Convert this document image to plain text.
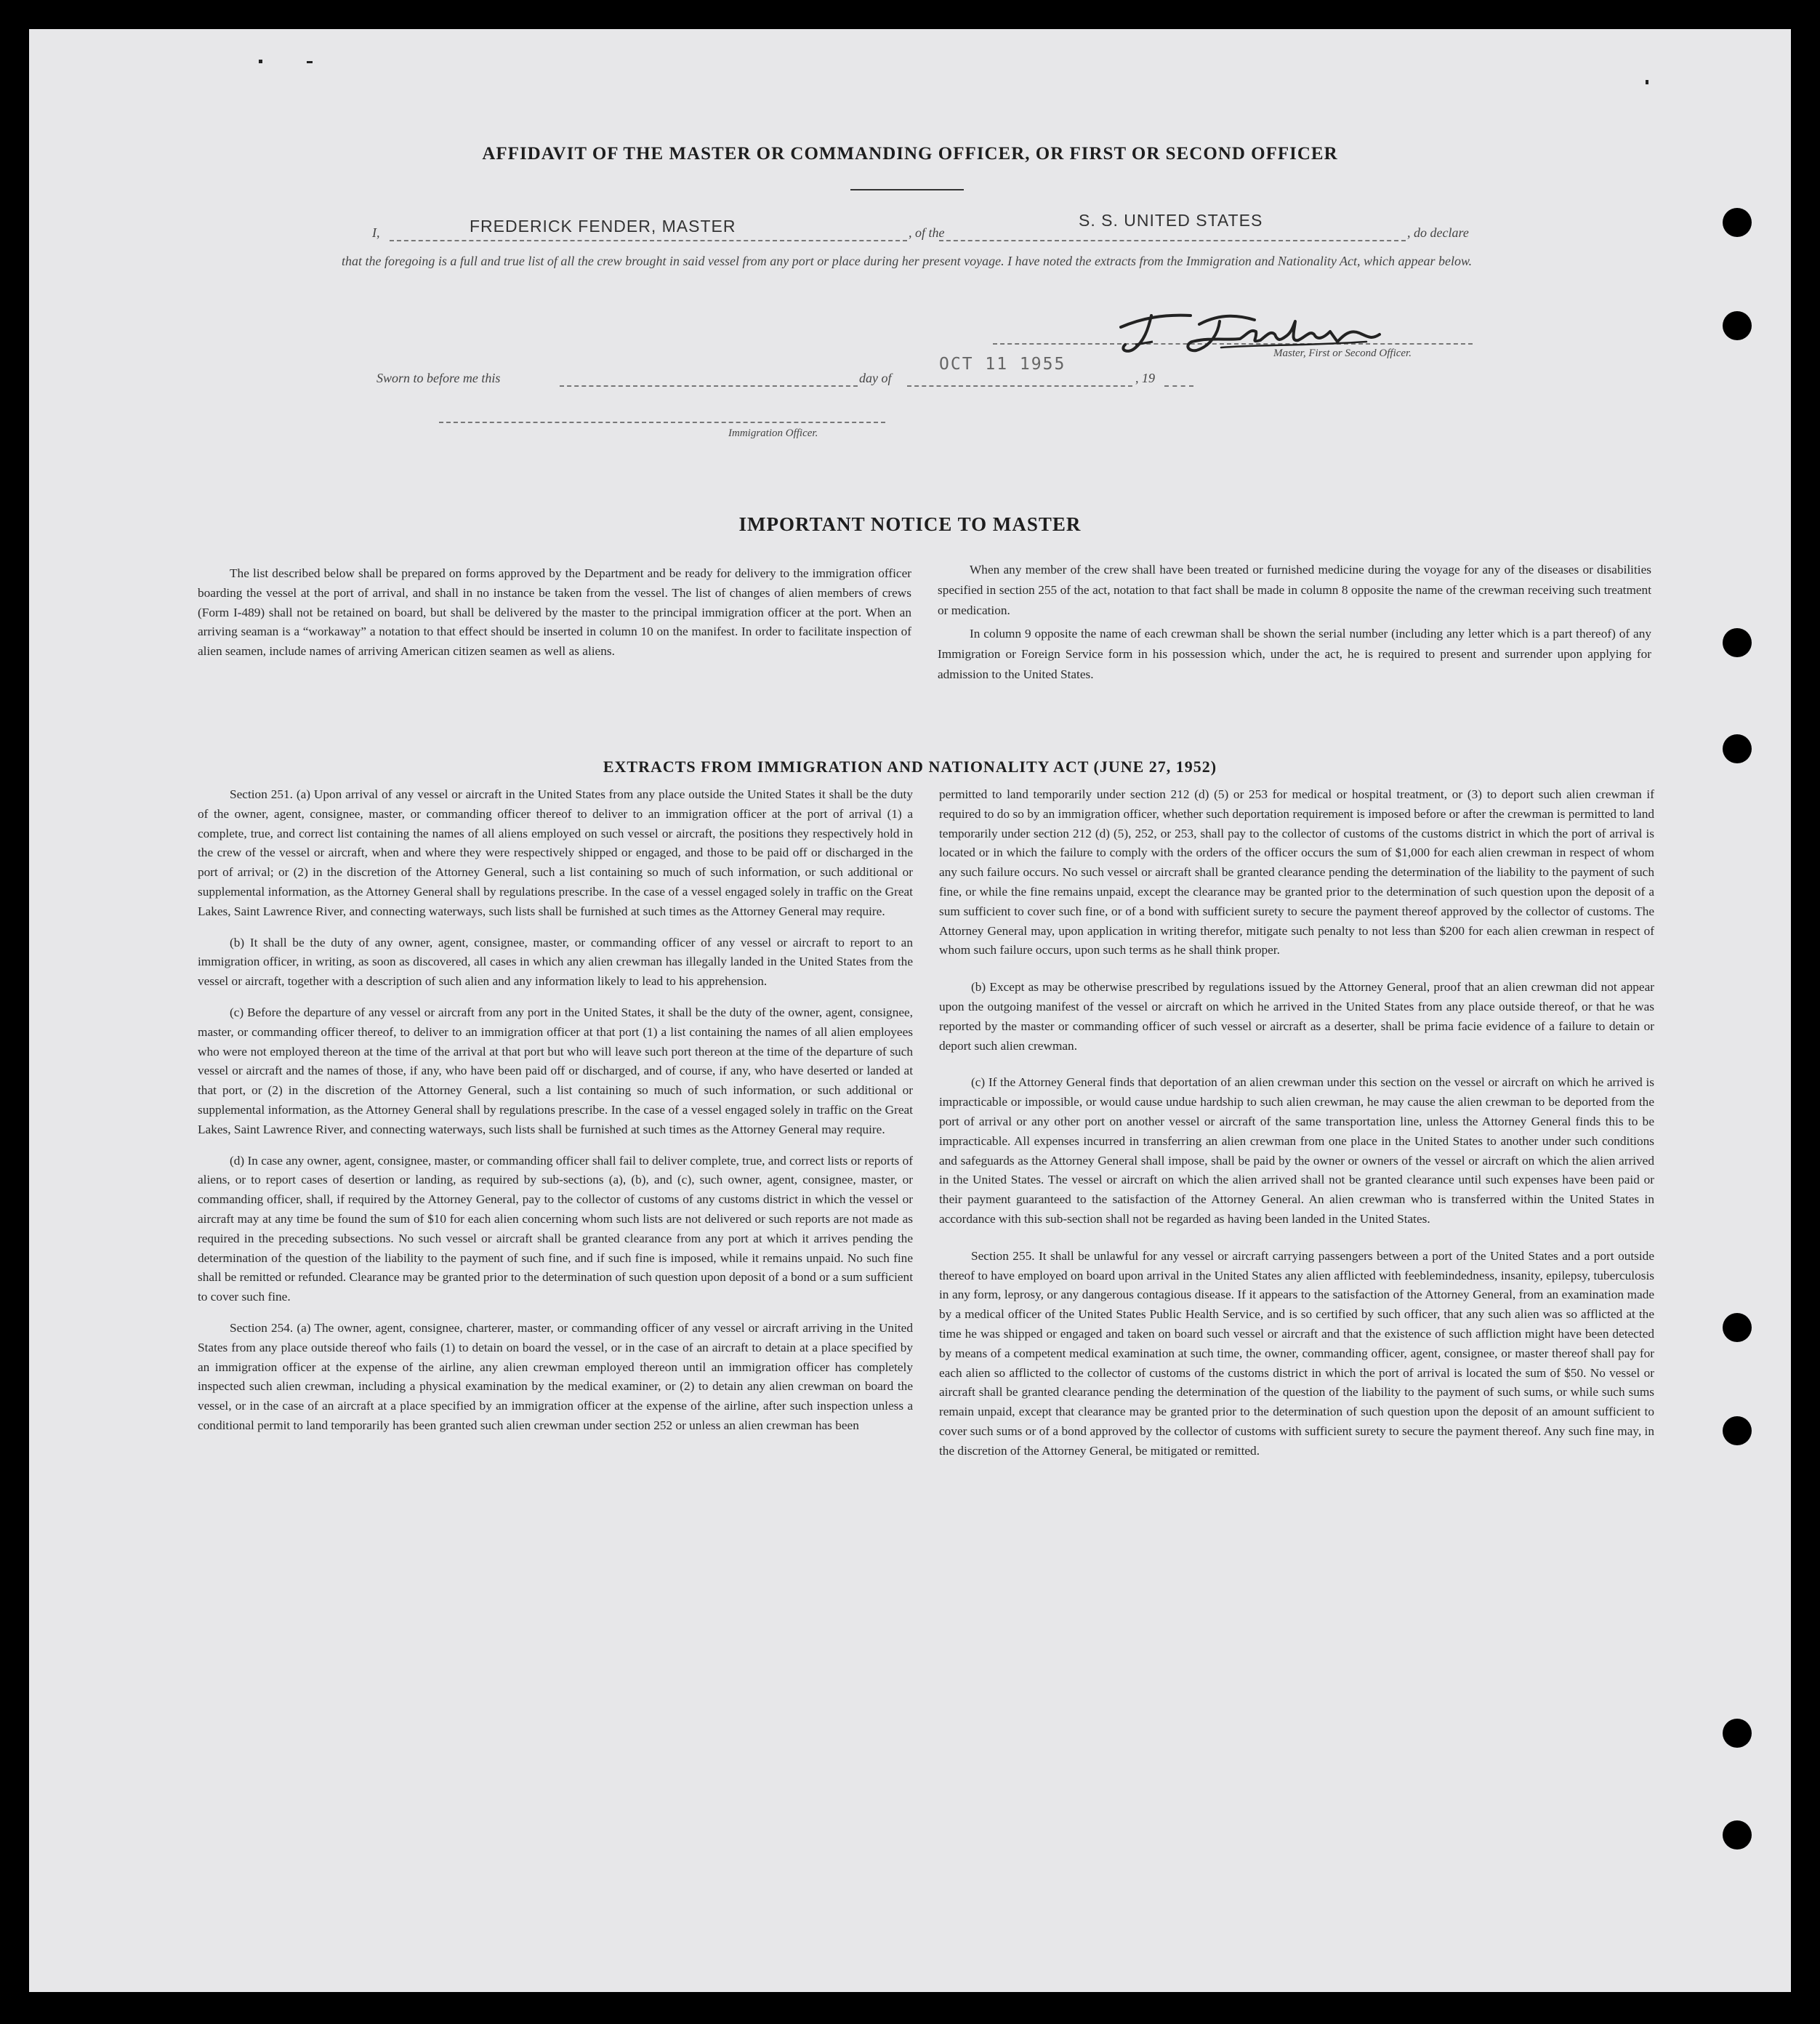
AFFIDAVIT OF THE MASTER OR COMMANDING OFFICER, OR FIRST OR SECOND OFFICER
I,	FREDERICK FENDER, MASTER	, of the
S. S. UNITED STATES
, do declare
that the foregoing is a full and true list of all the crew brought in said vessel from any port or place during her present voyage. I have noted the extracts from the Immigration and Nationality Act, which appear below.
Master, First or Second Officer.
Sworn to before me this	day of
OCT 11 1955
, 19
Immigration Officer.
IMPORTANT NOTICE TO MASTER

The list described below shall be prepared on forms approved by the Department and be ready for delivery to the immigration officer boarding the vessel at the port of arrival, and shall in no instance be taken from the vessel. The list of changes of alien members of crews (Form I-489) shall not be retained on board, but shall be delivered by the master to the principal immigration officer at the port. When an arriving seaman is a “workaway” a notation to that effect should be inserted in column 10 on the manifest. In order to facilitate inspection of alien seamen, include names of arriving American citizen seamen as well as aliens.

When any member of the crew shall have been treated or furnished medicine during the voyage for any of the diseases or disabilities specified in section 255 of the act, notation to that fact shall be made in column 8 opposite the name of the crewman receiving such treatment or medication.

In column 9 opposite the name of each crewman shall be shown the serial number (including any letter which is a part thereof) of any Immigration or Foreign Service form in his possession which, under the act, he is required to present and surrender upon applying for admission to the United States.

EXTRACTS FROM IMMIGRATION AND NATIONALITY ACT (JUNE 27, 1952)

Section 251. (a) Upon arrival of any vessel or aircraft in the United States from any place outside the United States it shall be the duty of the owner, agent, consignee, master, or commanding officer thereof to deliver to an immigration officer at the port of arrival (1) a complete, true, and correct list containing the names of all aliens employed on such vessel or aircraft, the positions they respectively hold in the crew of the vessel or aircraft, when and where they were respectively shipped or engaged, and those to be paid off or discharged in the port of arrival; or (2) in the discretion of the Attorney General, such a list containing so much of such information, or such additional or supplemental information, as the Attorney General shall by regulations prescribe. In the case of a vessel engaged solely in traffic on the Great Lakes, Saint Lawrence River, and connecting waterways, such lists shall be furnished at such times as the Attorney General may require.

(b) It shall be the duty of any owner, agent, consignee, master, or commanding officer of any vessel or aircraft to report to an immigration officer, in writing, as soon as discovered, all cases in which any alien crewman has illegally landed in the United States from the vessel or aircraft, together with a description of such alien and any information likely to lead to his apprehension.

(c) Before the departure of any vessel or aircraft from any port in the United States, it shall be the duty of the owner, agent, consignee, master, or commanding officer thereof, to deliver to an immigration officer at that port (1) a list containing the names of all alien employees who were not employed thereon at the time of the arrival at that port but who will leave such port thereon at the time of the departure of such vessel or aircraft and the names of those, if any, who have been paid off or discharged, and of course, if any, who have deserted or landed at that port, or (2) in the discretion of the Attorney General, such a list containing so much of such information, or such additional or supplemental information, as the Attorney General shall by regulations prescribe. In the case of a vessel engaged solely in traffic on the Great Lakes, Saint Lawrence River, and connecting waterways, such lists shall be furnished at such times as the Attorney General may require.

(d) In case any owner, agent, consignee, master, or commanding officer shall fail to deliver complete, true, and correct lists or reports of aliens, or to report cases of desertion or landing, as required by sub-sections (a), (b), and (c), such owner, agent, consignee, master, or commanding officer, shall, if required by the Attorney General, pay to the collector of customs of any customs district in which the vessel or aircraft may at any time be found the sum of $10 for each alien concerning whom such lists are not delivered or such reports are not made as required in the preceding subsections. No such vessel or aircraft shall be granted clearance from any port at which it arrives pending the determination of the question of the liability to the payment of such fine, and if such fine is imposed, while it remains unpaid. No such fine shall be remitted or refunded. Clearance may be granted prior to the determination of such question upon deposit of a bond or a sum sufficient to cover such fine.

Section 254. (a) The owner, agent, consignee, charterer, master, or commanding officer of any vessel or aircraft arriving in the United States from any place outside thereof who fails (1) to detain on board the vessel, or in the case of an aircraft to detain at a place specified by an immigration officer at the expense of the airline, any alien crewman employed thereon until an immigration officer has completely inspected such alien crewman, including a physical examination by the medical examiner, or (2) to detain any alien crewman on board the vessel, or in the case of an aircraft at a place specified by an immigration officer at the expense of the airline, after such inspection unless a conditional permit to land temporarily has been granted such alien crewman under section 252 or unless an alien crewman has been

permitted to land temporarily under section 212 (d) (5) or 253 for medical or hospital treatment, or (3) to deport such alien crewman if required to do so by an immigration officer, whether such deportation requirement is imposed before or after the crewman is permitted to land temporarily under section 212 (d) (5), 252, or 253, shall pay to the collector of customs of the customs district in which the port of arrival is located or in which the failure to comply with the orders of the officer occurs the sum of $1,000 for each alien crewman in respect of whom any such failure occurs. No such vessel or aircraft shall be granted clearance pending the determination of the liability to the payment of such fine, or while the fine remains unpaid, except the clearance may be granted prior to the determination of such question upon the deposit of a sum sufficient to cover such fine, or of a bond with sufficient surety to secure the payment thereof approved by the collector of customs. The Attorney General may, upon application in writing therefor, mitigate such penalty to not less than $200 for each alien crewman in respect of whom such failure occurs, upon such terms as he shall think proper.

(b) Except as may be otherwise prescribed by regulations issued by the Attorney General, proof that an alien crewman did not appear upon the outgoing manifest of the vessel or aircraft on which he arrived in the United States from any place outside thereof, or that he was reported by the master or commanding officer of such vessel or aircraft as a deserter, shall be prima facie evidence of a failure to detain or deport such alien crewman.

(c) If the Attorney General finds that deportation of an alien crewman under this section on the vessel or aircraft on which he arrived is impracticable or impossible, or would cause undue hardship to such alien crewman, he may cause the alien crewman to be deported from the port of arrival or any other port on another vessel or aircraft of the same transportation line, unless the Attorney General finds this to be impracticable. All expenses incurred in transferring an alien crewman from one place in the United States to another under such conditions and safeguards as the Attorney General shall impose, shall be paid by the owner or owners of the vessel or aircraft on which the alien arrived in the United States. The vessel or aircraft on which the alien arrived shall not be granted clearance until such expenses have been paid or their payment guaranteed to the satisfaction of the Attorney General. An alien crewman who is transferred within the United States in accordance with this sub-section shall not be regarded as having been landed in the United States.

Section 255. It shall be unlawful for any vessel or aircraft carrying passengers between a port of the United States and a port outside thereof to have employed on board upon arrival in the United States any alien afflicted with feeblemindedness, insanity, epilepsy, tuberculosis in any form, leprosy, or any dangerous contagious disease. If it appears to the satisfaction of the Attorney General, from an examination made by a medical officer of the United States Public Health Service, and is so certified by such officer, that any such alien was so afflicted at the time he was shipped or engaged and taken on board such vessel or aircraft and that the existence of such affliction might have been detected by means of a competent medical examination at such time, the owner, commanding officer, agent, consignee, or master thereof shall pay for each alien so afflicted to the collector of customs of the customs district in which the port of arrival is located the sum of $50. No vessel or aircraft shall be granted clearance pending the determination of the question of the liability to the payment of such sums, or while such sums remain unpaid, except that clearance may be granted prior to the determination of such question upon the deposit of an amount sufficient to cover such sums or of a bond approved by the collector of customs with sufficient surety to secure the payment thereof. Any such fine may, in the discretion of the Attorney General, be mitigated or remitted.
